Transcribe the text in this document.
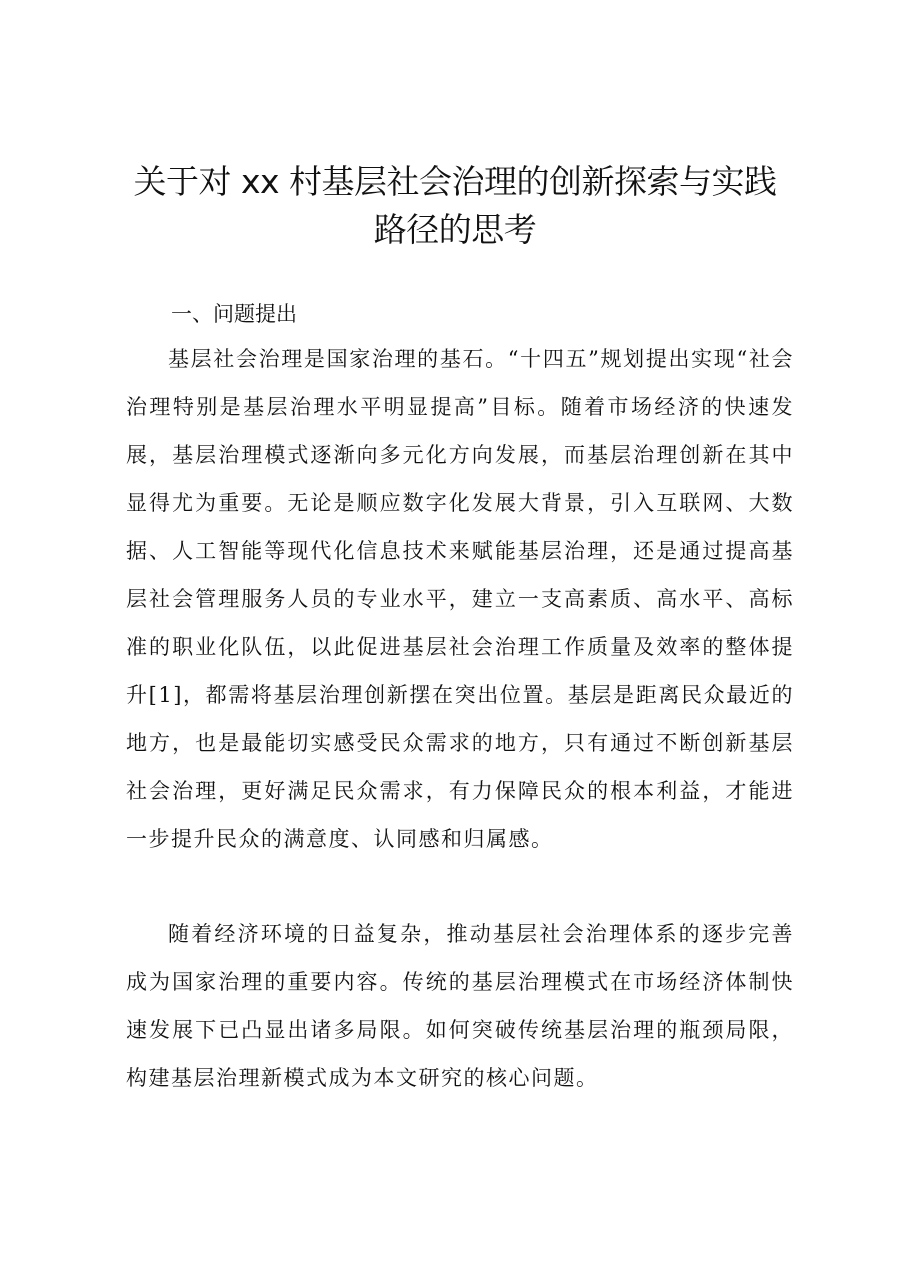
关于对 xx 村基层社会治理的创新探索与实践
路径的思考
一、问题提出

基层社会治理是国家治理的基石。“十四五”规划提出实现“社会治理特别是基层治理水平明显提高”目标。随着市场经济的快速发展，基层治理模式逐渐向多元化方向发展，而基层治理创新在其中显得尤为重要。无论是顺应数字化发展大背景，引入互联网、大数据、人工智能等现代化信息技术来赋能基层治理，还是通过提高基层社会管理服务人员的专业水平，建立一支高素质、高水平、高标准的职业化队伍，以此促进基层社会治理工作质量及效率的整体提升[1]，都需将基层治理创新摆在突出位置。基层是距离民众最近的地方，也是最能切实感受民众需求的地方，只有通过不断创新基层社会治理，更好满足民众需求，有力保障民众的根本利益，才能进一步提升民众的满意度、认同感和归属感。

随着经济环境的日益复杂，推动基层社会治理体系的逐步完善成为国家治理的重要内容。传统的基层治理模式在市场经济体制快速发展下已凸显出诸多局限。如何突破传统基层治理的瓶颈局限，构建基层治理新模式成为本文研究的核心问题。
